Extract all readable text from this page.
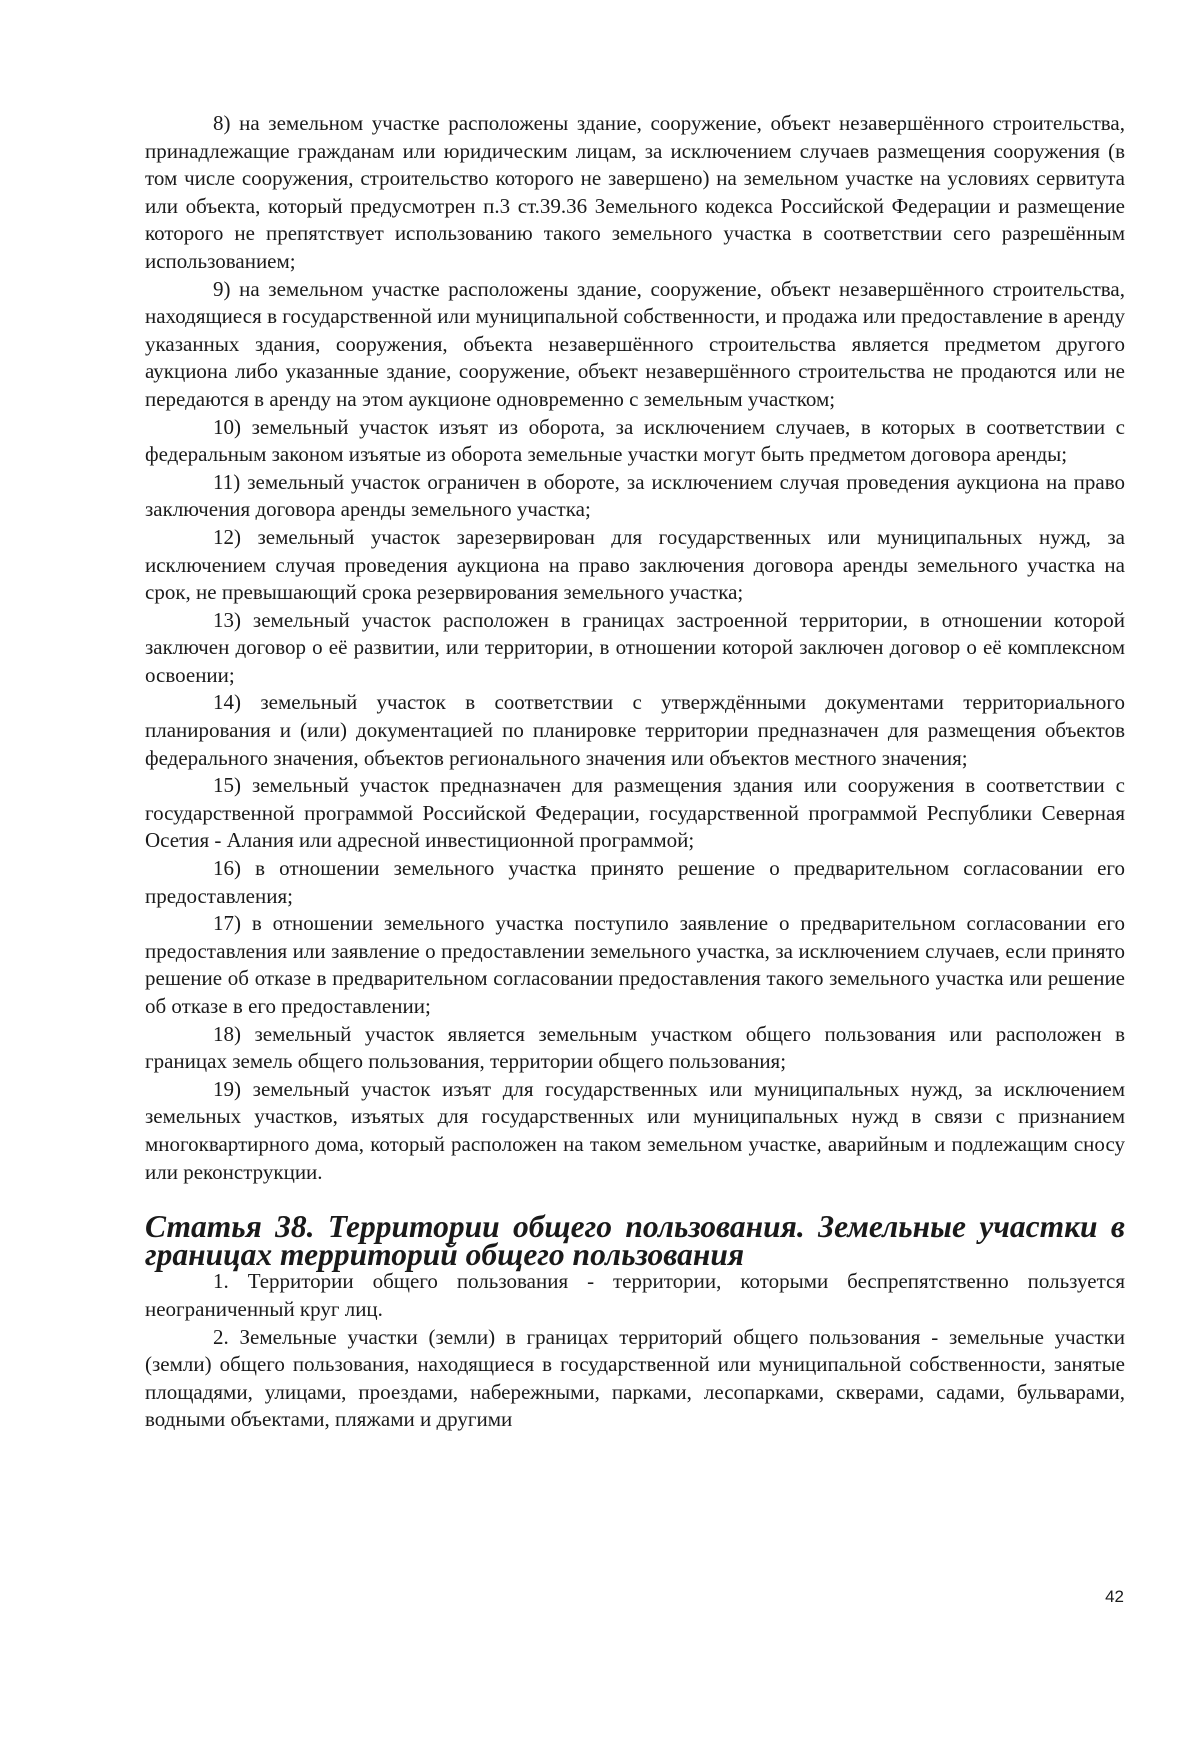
8) на земельном участке расположены здание, сооружение, объект незавершённого строительства, принадлежащие гражданам или юридическим лицам, за исключением случаев размещения сооружения (в том числе сооружения, строительство которого не завершено) на земельном участке на условиях сервитута или объекта, который предусмотрен п.3 ст.39.36 Земельного кодекса Российской Федерации и размещение которого не препятствует использованию такого земельного участка в соответствии сего разрешённым использованием;

9) на земельном участке расположены здание, сооружение, объект незавершённого строительства, находящиеся в государственной или муниципальной собственности, и продажа или предоставление в аренду указанных здания, сооружения, объекта незавершённого строительства является предметом другого аукциона либо указанные здание, сооружение, объект незавершённого строительства не продаются или не передаются в аренду на этом аукционе одновременно с земельным участком;

10) земельный участок изъят из оборота, за исключением случаев, в которых в соответствии с федеральным законом изъятые из оборота земельные участки могут быть предметом договора аренды;

11) земельный участок ограничен в обороте, за исключением случая проведения аукциона на право заключения договора аренды земельного участка;

12) земельный участок зарезервирован для государственных или муниципальных нужд, за исключением случая проведения аукциона на право заключения договора аренды земельного участка на срок, не превышающий срока резервирования земельного участка;

13) земельный участок расположен в границах застроенной территории, в отношении которой заключен договор о её развитии, или территории, в отношении которой заключен договор о её комплексном освоении;

14) земельный участок в соответствии с утверждёнными документами территориального планирования и (или) документацией по планировке территории предназначен для размещения объектов федерального значения, объектов регионального значения или объектов местного значения;

15) земельный участок предназначен для размещения здания или сооружения в соответствии с государственной программой Российской Федерации, государственной программой Республики Северная Осетия - Алания или адресной инвестиционной программой;

16) в отношении земельного участка принято решение о предварительном согласовании его предоставления;

17) в отношении земельного участка поступило заявление о предварительном согласовании его предоставления или заявление о предоставлении земельного участка, за исключением случаев, если принято решение об отказе в предварительном согласовании предоставления такого земельного участка или решение об отказе в его предоставлении;

18) земельный участок является земельным участком общего пользования или расположен в границах земель общего пользования, территории общего пользования;

19) земельный участок изъят для государственных или муниципальных нужд, за исключением земельных участков, изъятых для государственных или муниципальных нужд в связи с признанием многоквартирного дома, который расположен на таком земельном участке, аварийным и подлежащим сносу или реконструкции.

Статья 38. Территории общего пользования. Земельные участки в границах территорий общего пользования

1. Территории общего пользования - территории, которыми беспрепятственно пользуется неограниченный круг лиц.

2. Земельные участки (земли) в границах территорий общего пользования - земельные участки (земли) общего пользования, находящиеся в государственной или муниципальной собственности, занятые площадями, улицами, проездами, набережными, парками, лесопарками, скверами, садами, бульварами, водными объектами, пляжами и другими

42
